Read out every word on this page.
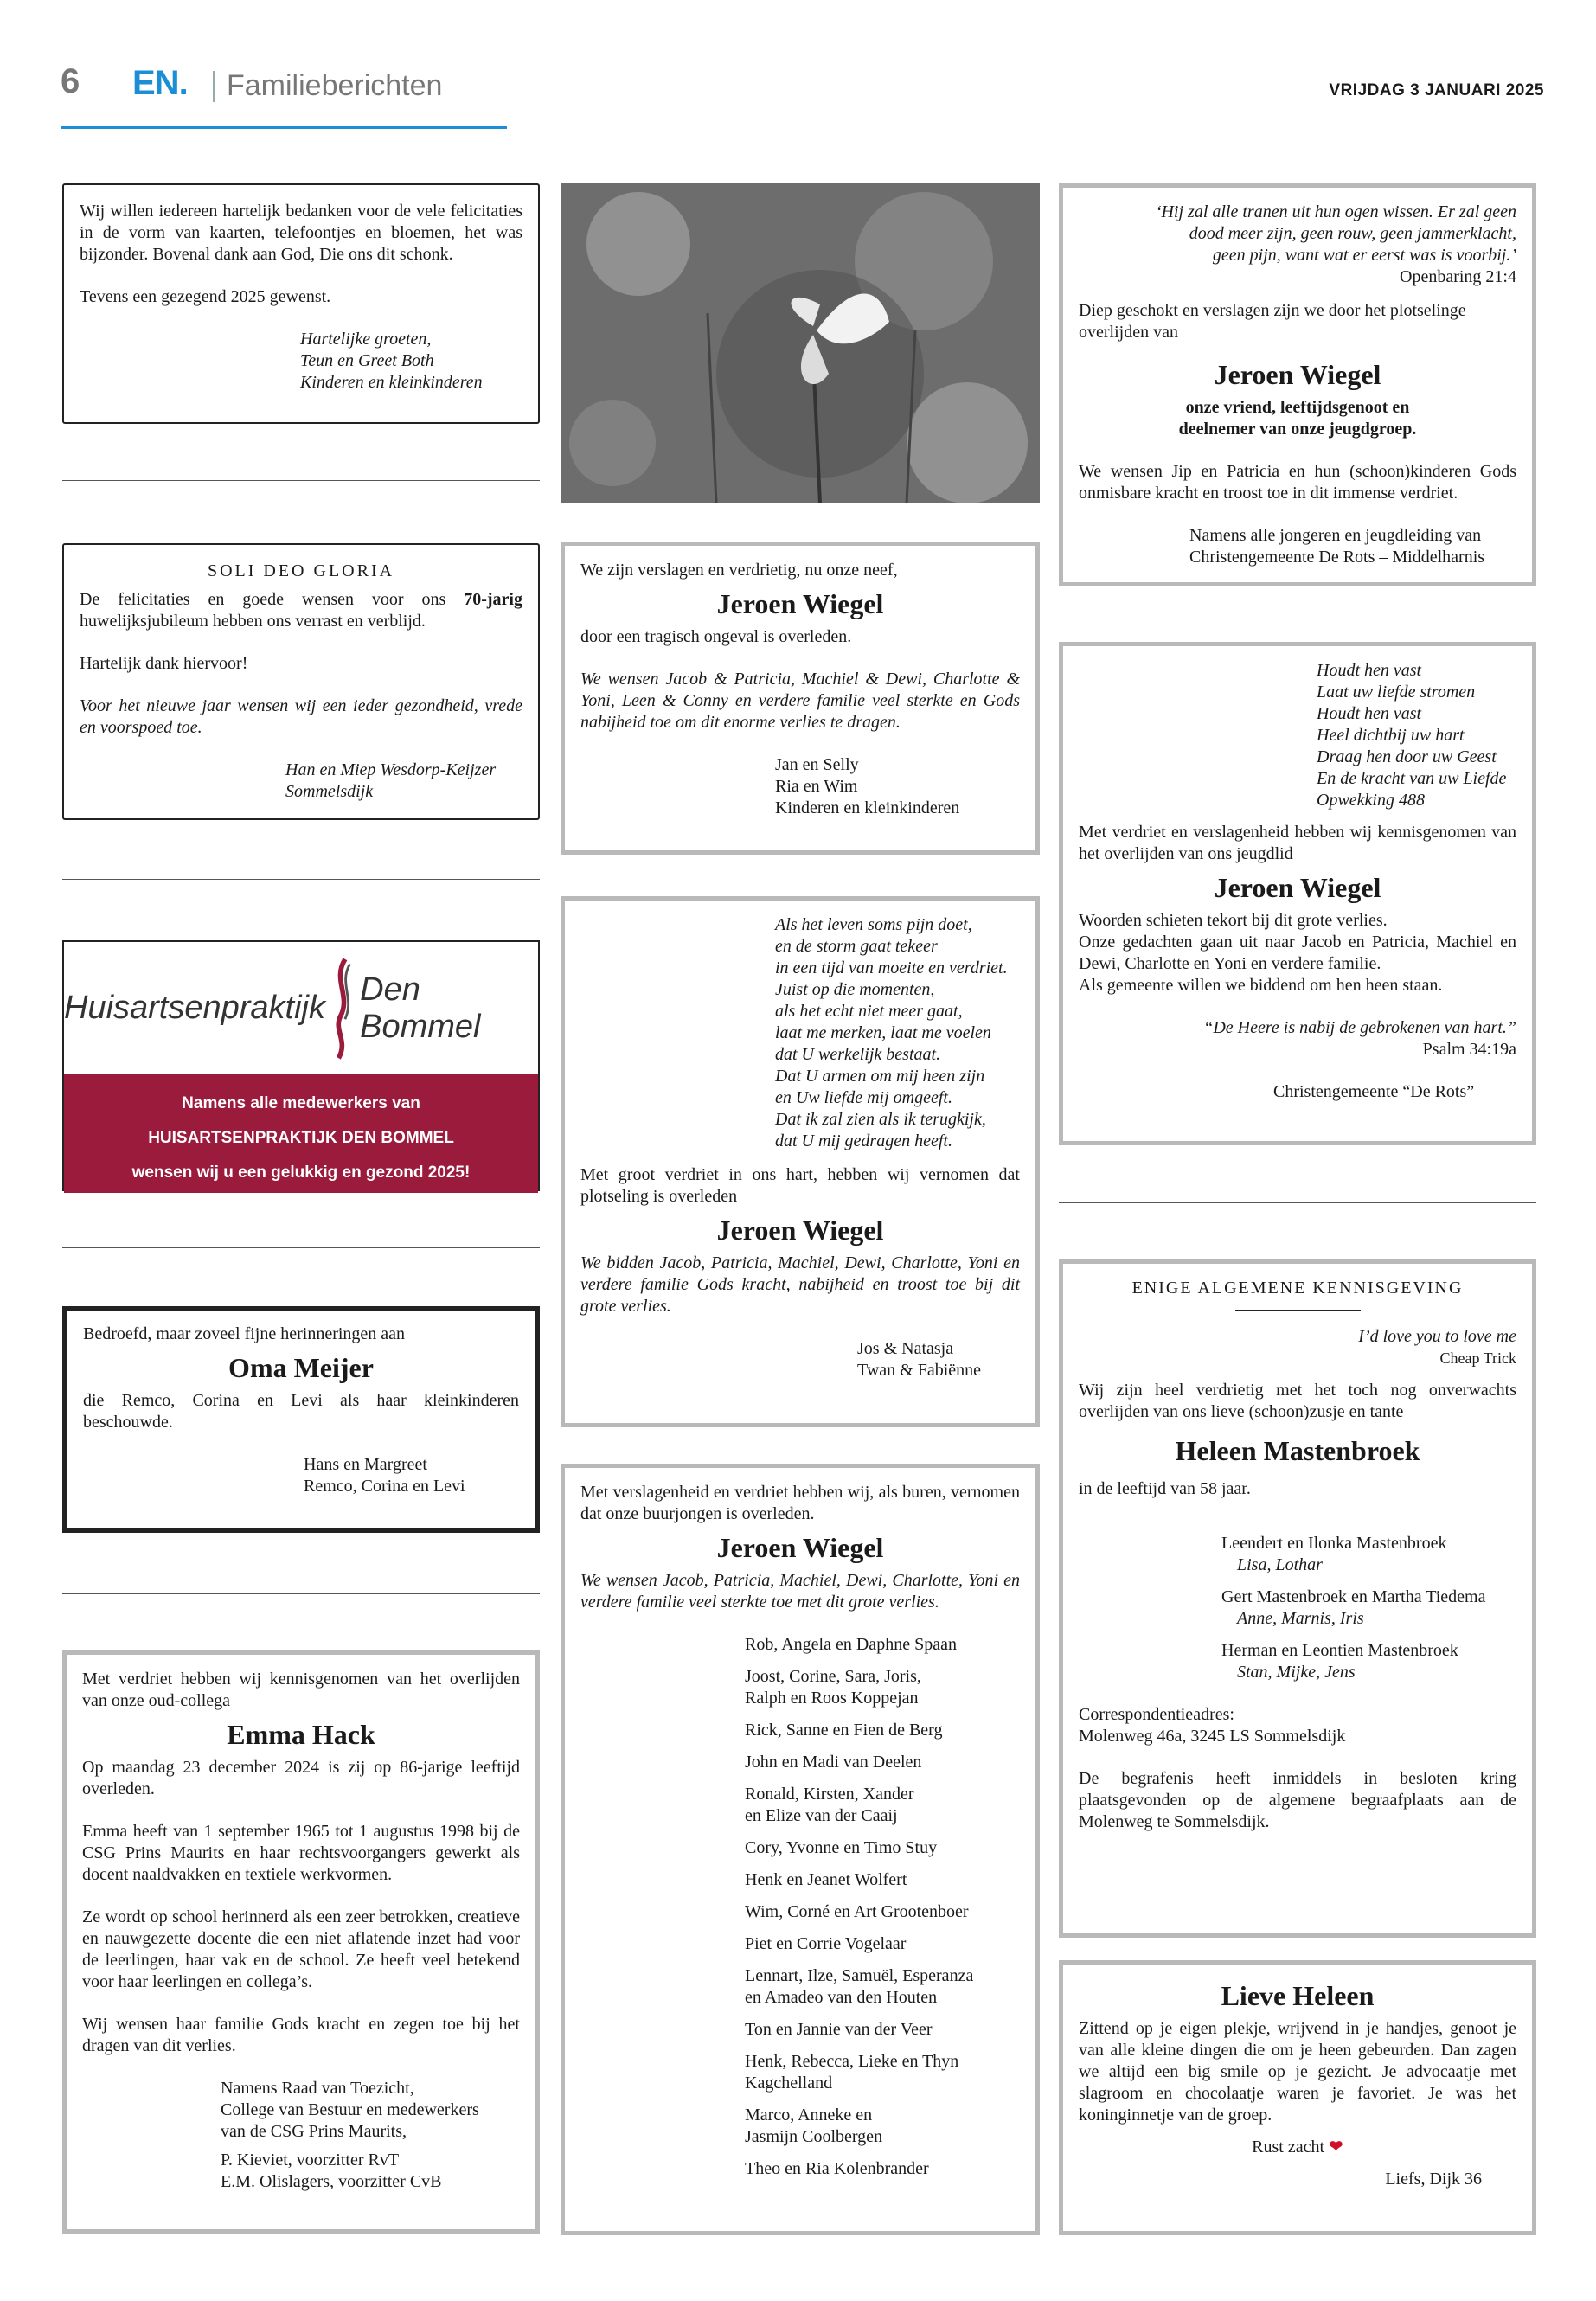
6 EN. Familieberichten	VRIJDAG 3 JANUARI 2025

Wij willen iedereen hartelijk bedanken voor de vele felicitaties in de vorm van kaarten, telefoontjes en bloemen, het was bijzonder. Bovenal dank aan God, Die ons dit schonk.

Tevens een gezegend 2025 gewenst.

Hartelijke groeten,

Teun en Greet Both

Kinderen en kleinkinderen

SOLI DEO GLORIA

De felicitaties en goede wensen voor ons 70-jarig huwelijksjubileum hebben ons verrast en verblijd.

Hartelijk dank hiervoor!

Voor het nieuwe jaar wensen wij een ieder gezondheid, vrede en voorspoed toe.

Han en Miep Wesdorp-Keijzer

Sommelsdijk

Huisartsenpraktijk
Den Bommel
Namens alle medewerkers van
HUISARTSENPRAKTIJK DEN BOMMEL
wensen wij u een gelukkig en gezond 2025!

Bedroefd, maar zoveel fijne herinneringen aan

Oma Meijer

die Remco, Corina en Levi als haar kleinkinderen beschouwde.

Hans en Margreet

Remco, Corina en Levi

Met verdriet hebben wij kennisgenomen van het overlijden van onze oud-collega

Emma Hack

Op maandag 23 december 2024 is zij op 86-jarige leeftijd overleden.

Emma heeft van 1 september 1965 tot 1 augustus 1998 bij de CSG Prins Maurits en haar rechtsvoorgangers gewerkt als docent naaldvakken en textiele werkvormen.

Ze wordt op school herinnerd als een zeer betrokken, creatieve en nauwgezette docente die een niet aflatende inzet had voor de leerlingen, haar vak en de school. Ze heeft veel betekend voor haar leerlingen en collega’s.

Wij wensen haar familie Gods kracht en zegen toe bij het dragen van dit verlies.

Namens Raad van Toezicht,

College van Bestuur en medewerkers

van de CSG Prins Maurits,

P. Kieviet, voorzitter RvT

E.M. Olislagers, voorzitter CvB

We zijn verslagen en verdrietig, nu onze neef,

Jeroen Wiegel

door een tragisch ongeval is overleden.

We wensen Jacob & Patricia, Machiel & Dewi, Charlotte & Yoni, Leen & Conny en verdere familie veel sterkte en Gods nabijheid toe om dit enorme verlies te dragen.

Jan en Selly

Ria en Wim

Kinderen en kleinkinderen

Als het leven soms pijn doet,

en de storm gaat tekeer

in een tijd van moeite en verdriet.

Juist op die momenten,

als het echt niet meer gaat,

laat me merken, laat me voelen

dat U werkelijk bestaat.

Dat U armen om mij heen zijn

en Uw liefde mij omgeeft.

Dat ik zal zien als ik terugkijk,

dat U mij gedragen heeft.

Met groot verdriet in ons hart, hebben wij vernomen dat plotseling is overleden

Jeroen Wiegel

We bidden Jacob, Patricia, Machiel, Dewi, Charlotte, Yoni en verdere familie Gods kracht, nabijheid en troost toe bij dit grote verlies.

Jos & Natasja

Twan & Fabiënne

Met verslagenheid en verdriet hebben wij, als buren, vernomen dat onze buurjongen is overleden.

Jeroen Wiegel

We wensen Jacob, Patricia, Machiel, Dewi, Charlotte, Yoni en verdere familie veel sterkte toe met dit grote verlies.

Rob, Angela en Daphne Spaan

Joost, Corine, Sara, Joris,
Ralph en Roos Koppejan

Rick, Sanne en Fien de Berg

John en Madi van Deelen

Ronald, Kirsten, Xander
en Elize van der Caaij

Cory, Yvonne en Timo Stuy

Henk en Jeanet Wolfert

Wim, Corné en Art Grootenboer

Piet en Corrie Vogelaar

Lennart, Ilze, Samuël, Esperanza
en Amadeo van den Houten

Ton en Jannie van der Veer

Henk, Rebecca, Lieke en Thyn
Kagchelland

Marco, Anneke en
Jasmijn Coolbergen

Theo en Ria Kolenbrander

‘Hij zal alle tranen uit hun ogen wissen. Er zal geen

dood meer zijn, geen rouw, geen jammerklacht,

geen pijn, want wat er eerst was is voorbij.’

Openbaring 21:4

Diep geschokt en verslagen zijn we door het plotselinge overlijden van

Jeroen Wiegel

onze vriend, leeftijdsgenoot en

deelnemer van onze jeugdgroep.

We wensen Jip en Patricia en hun (schoon)kinderen Gods onmisbare kracht en troost toe in dit immense verdriet.

Namens alle jongeren en jeugdleiding van

Christengemeente De Rots – Middelharnis

Houdt hen vast

Laat uw liefde stromen

Houdt hen vast

Heel dichtbij uw hart

Draag hen door uw Geest

En de kracht van uw Liefde

Opwekking 488

Met verdriet en verslagenheid hebben wij kennisgenomen van het overlijden van ons jeugdlid

Jeroen Wiegel

Woorden schieten tekort bij dit grote verlies.

Onze gedachten gaan uit naar Jacob en Patricia, Machiel en Dewi, Charlotte en Yoni en verdere familie.

Als gemeente willen we biddend om hen heen staan.

“De Heere is nabij de gebrokenen van hart.”

Psalm 34:19a

Christengemeente “De Rots”

ENIGE ALGEMENE KENNISGEVING

I’d love you to love me

Cheap Trick

Wij zijn heel verdrietig met het toch nog onverwachts overlijden van ons lieve (schoon)zusje en tante

Heleen Mastenbroek

in de leeftijd van 58 jaar.

Leendert en Ilonka Mastenbroek

Lisa, Lothar

Gert Mastenbroek en Martha Tiedema

Anne, Marnis, Iris

Herman en Leontien Mastenbroek

Stan, Mijke, Jens

Correspondentieadres:

Molenweg 46a, 3245 LS Sommelsdijk

De begrafenis heeft inmiddels in besloten kring plaatsgevonden op de algemene begraafplaats aan de Molenweg te Sommelsdijk.

Lieve Heleen

Zittend op je eigen plekje, wrijvend in je handjes, genoot je van alle kleine dingen die om je heen gebeurden. Dan zagen we altijd een big smile op je gezicht. Je advocaatje met slagroom en chocolaatje waren je favoriet. Je was het koninginnetje van de groep.

Rust zacht ❤

Liefs, Dijk 36
